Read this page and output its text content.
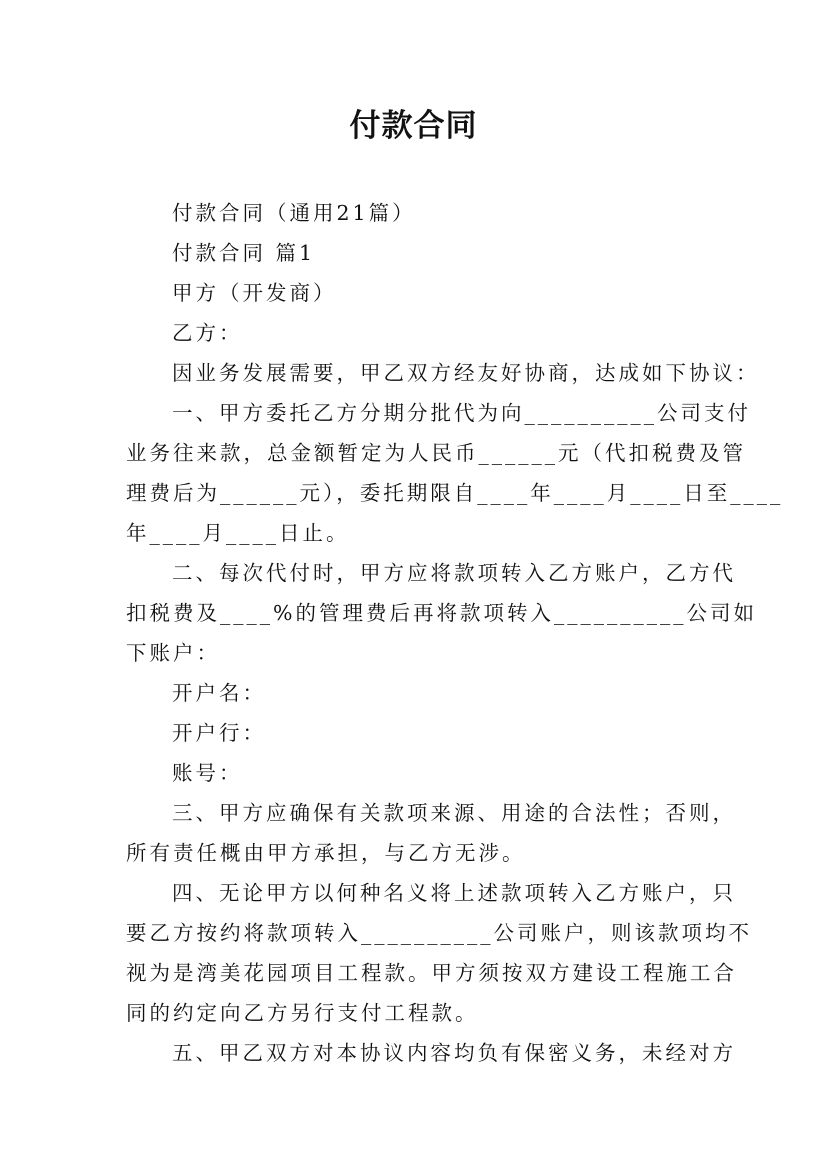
付款合同
付款合同（通用21篇）
付款合同 篇1
甲方（开发商）
乙方：
因业务发展需要，甲乙双方经友好协商，达成如下协议：
一、甲方委托乙方分期分批代为向__________公司支付
业务往来款，总金额暂定为人民币______元（代扣税费及管
理费后为______元），委托期限自____年____月____日至____
年____月____日止。
二、每次代付时，甲方应将款项转入乙方账户，乙方代
扣税费及____%的管理费后再将款项转入__________公司如
下账户：
开户名：
开户行：
账号：
三、甲方应确保有关款项来源、用途的合法性；否则，
所有责任概由甲方承担，与乙方无涉。
四、无论甲方以何种名义将上述款项转入乙方账户，只
要乙方按约将款项转入__________公司账户，则该款项均不
视为是湾美花园项目工程款。甲方须按双方建设工程施工合
同的约定向乙方另行支付工程款。
五、甲乙双方对本协议内容均负有保密义务，未经对方
